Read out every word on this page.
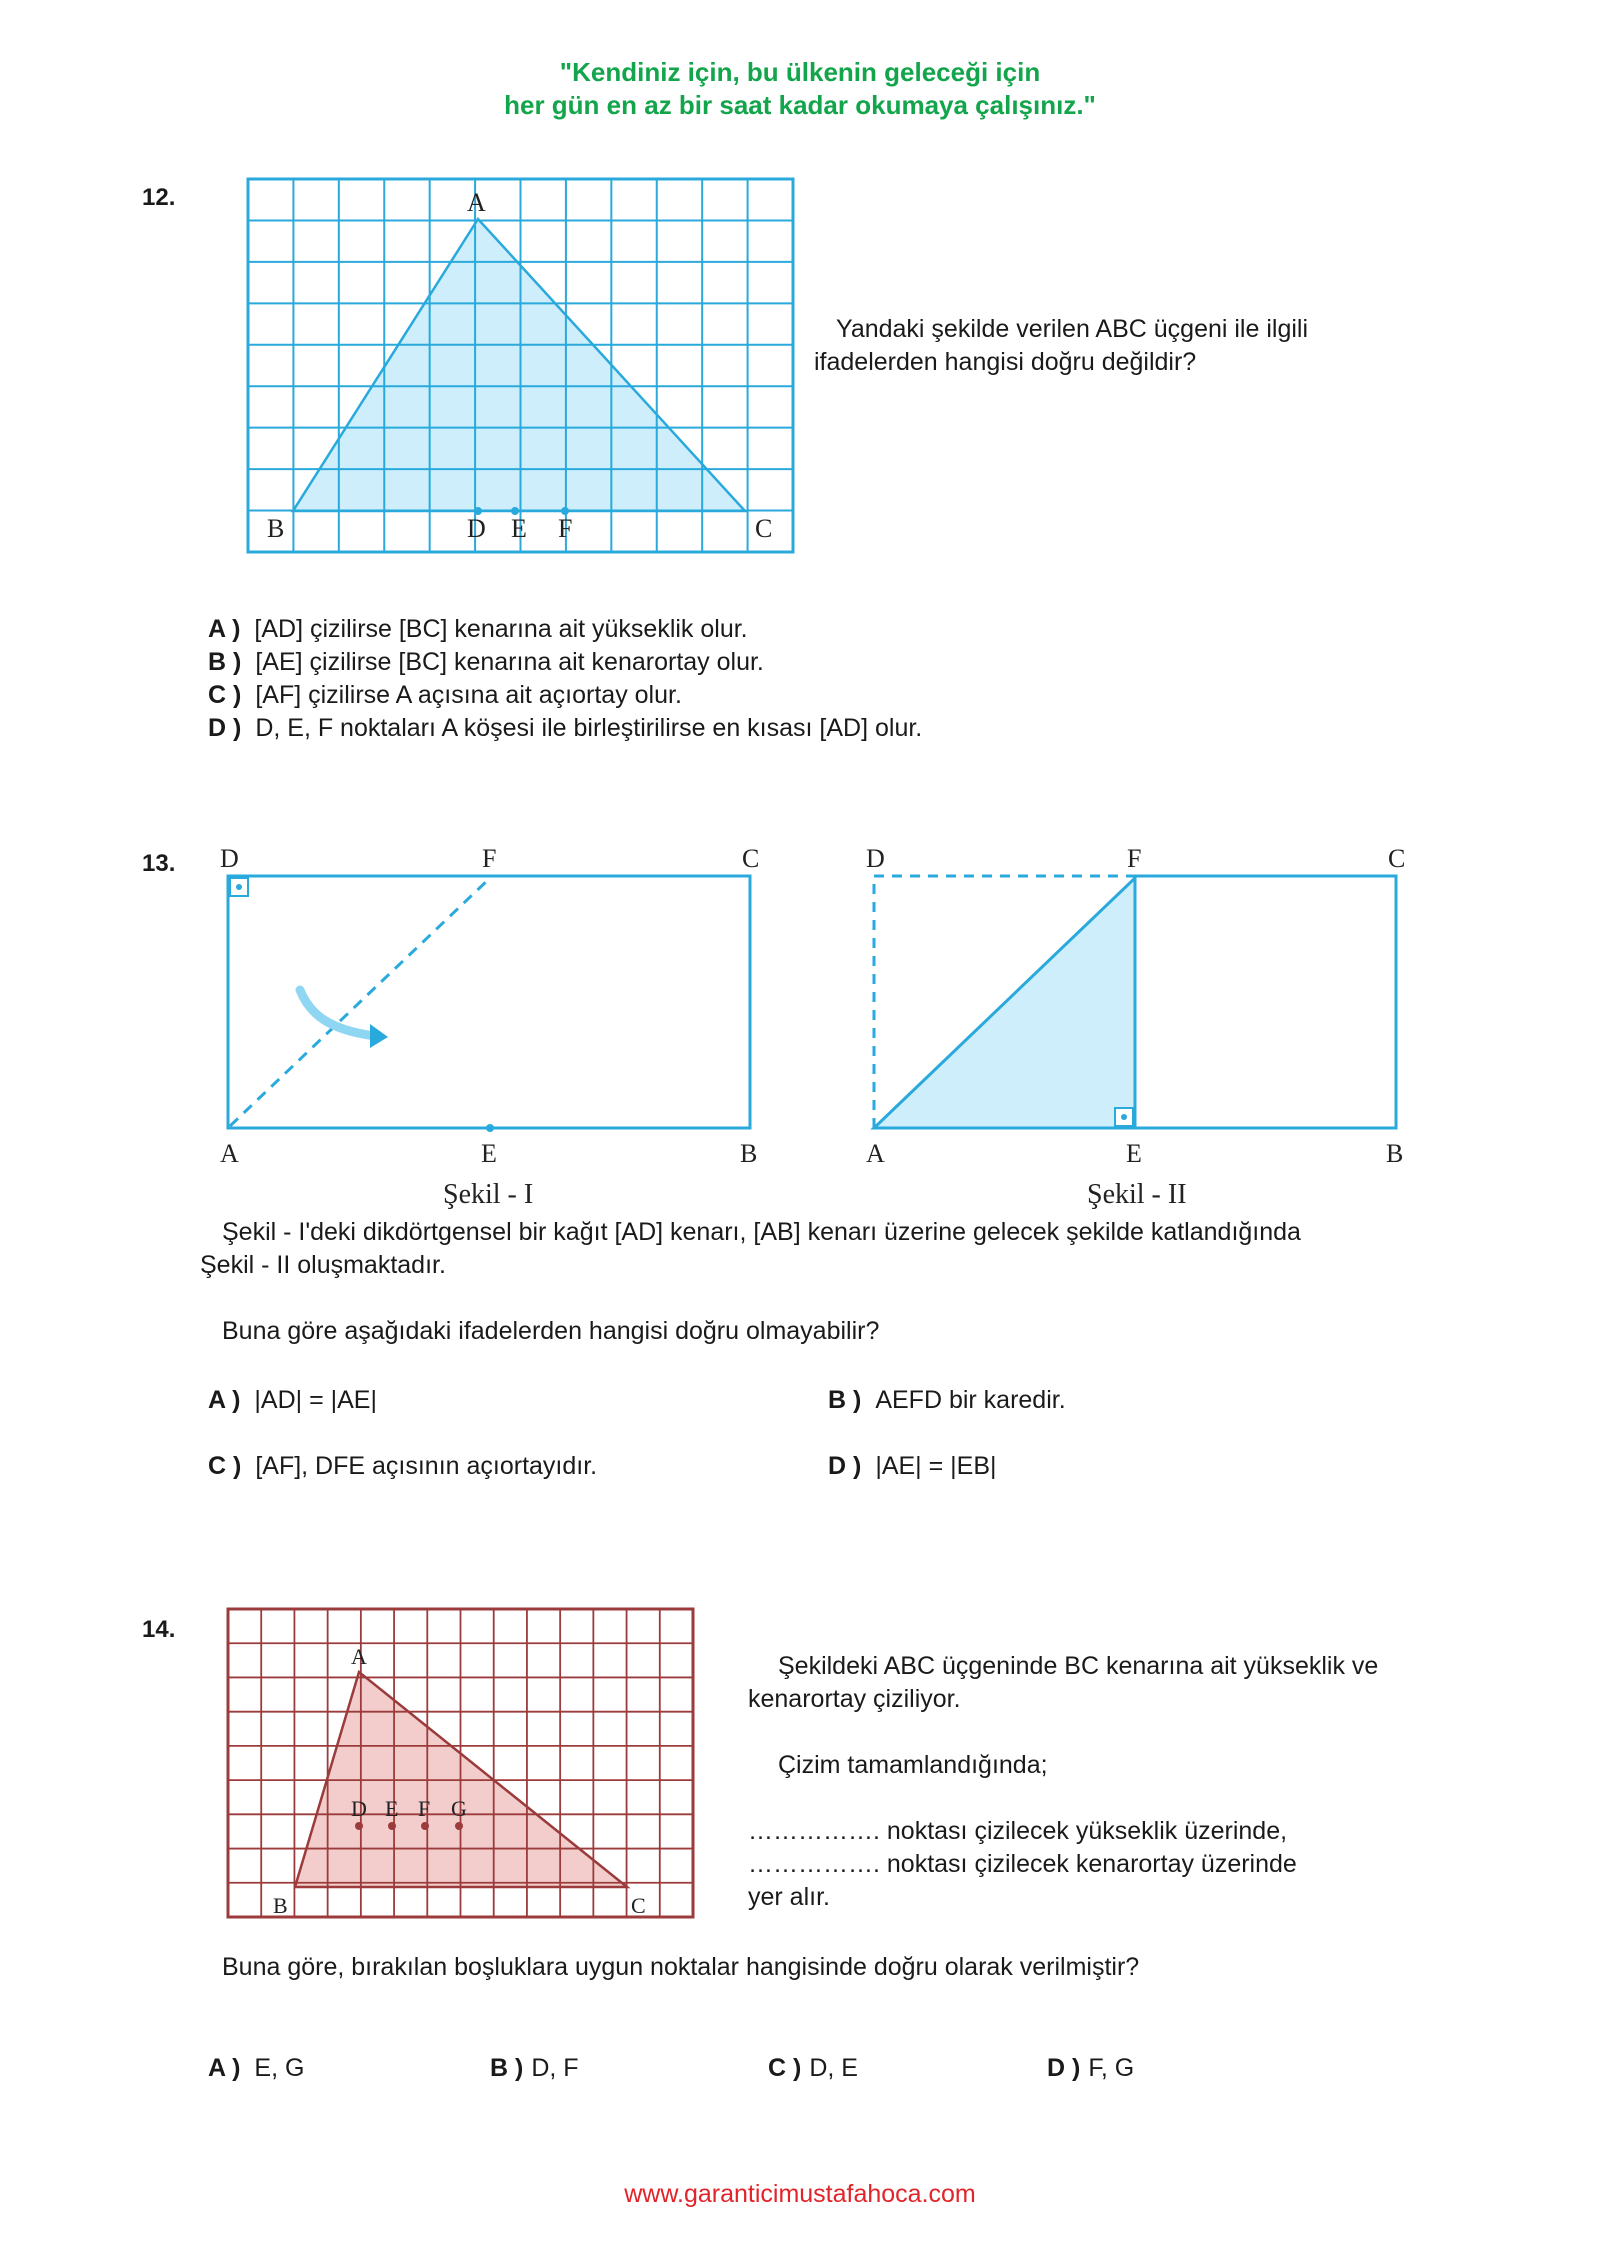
"Kendiniz için, bu ülkenin geleceği için
her gün en az bir saat kadar okumaya çalışınız."
12.	A
B	C
D E F
Yandaki şekilde verilen ABC üçgeni ile ilgili
ifadelerden hangisi doğru değildir?
A ) [AD] çizilirse [BC] kenarına ait yükseklik olur.
B ) [AE] çizilirse [BC] kenarına ait kenarortay olur.
C ) [AF] çizilirse A açısına ait açıortay olur.
D ) D, E, F noktaları A köşesi ile birleştirilirse en kısası [AD] olur.
13. D	F	C
A	E	B
Şekil - I
D	F	C
A	E	B
Şekil - II
Şekil - I'deki dikdörtgensel bir kağıt [AD] kenarı, [AB] kenarı üzerine gelecek şekilde katlandığında
Şekil - II oluşmaktadır.
Buna göre aşağıdaki ifadelerden hangisi doğru olmayabilir?
A ) |AD| = |AE|	B ) AEFD bir karedir.
C ) [AF], DFE açısının açıortayıdır.	D ) |AE| = |EB|
14.
A
B	C
D E F G
Şekildeki ABC üçgeninde BC kenarına ait yükseklik ve
kenarortay çiziliyor.
Çizim tamamlandığında;
……………. noktası çizilecek yükseklik üzerinde,
……………. noktası çizilecek kenarortay üzerinde
yer alır.
Buna göre, bırakılan boşluklara uygun noktalar hangisinde doğru olarak verilmiştir?
A ) E, G	B ) D, F	C ) D, E	D ) F, G
www.garanticimustafahoca.com
